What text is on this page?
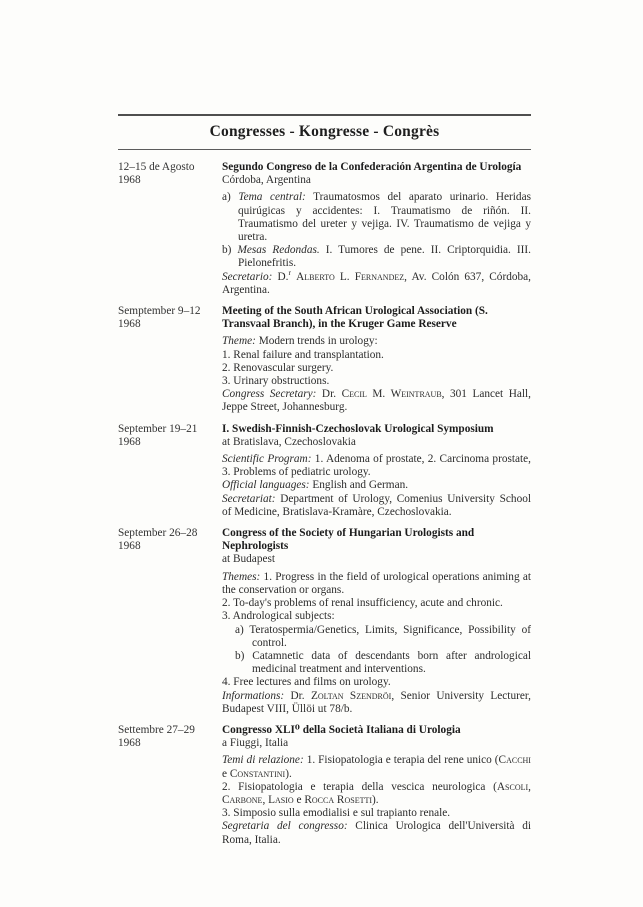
Congresses - Kongresse - Congrès
12–15 de Agosto
1968
Segundo Congreso de la Confederación Argentina de Urología
Córdoba, Argentina

a) Tema central: Traumatosmos del aparato urinario. Heridas quirúgicas y accidentes: I. Traumatismo de riñón. II. Traumatismo del ureter y vejiga. IV. Traumatismo de vejiga y uretra.

b) Mesas Redondas. I. Tumores de pene. II. Criptorquidia. III. Pielonefritis.

Secretario: D.$^r$ Alberto L. Fernandez, Av. Colón 637, Córdoba, Argentina.

Semptember 9–12
1968
Meeting of the South African Urological Association (S. Transvaal Branch), in the Kruger Game Reserve

Theme: Modern trends in urology:

1. Renal failure and transplantation.

2. Renovascular surgery.

3. Urinary obstructions.

Congress Secretary: Dr. Cecil M. Weintraub, 301 Lancet Hall, Jeppe Street, Johannesburg.

September 19–21
1968
I. Swedish-Finnish-Czechoslovak Urological Symposium
at Bratislava, Czechoslovakia

Scientific Program: 1. Adenoma of prostate, 2. Carcinoma prostate, 3. Problems of pediatric urology.

Official languages: English and German.

Secretariat: Department of Urology, Comenius University School of Medicine, Bratislava-Kramàre, Czechoslovakia.

September 26–28
1968
Congress of the Society of Hungarian Urologists and Nephrologists
at Budapest

Themes: 1. Progress in the field of urological operations animing at the conservation or organs.

2. To-day's problems of renal insufficiency, acute and chronic.

3. Andrological subjects:

a) Teratospermia/Genetics, Limits, Significance, Possibility of control.

b) Catamnetic data of descendants born after andrological medicinal treatment and interventions.

4. Free lectures and films on urology.

Informations: Dr. Zoltan Szendröi, Senior University Lecturer, Budapest VIII, Üllöi ut 78/b.

Settembre 27–29
1968
Congresso XLI⁰ della Società Italiana di Urologia
a Fiuggi, Italia

Temi di relazione: 1. Fisiopatologia e terapia del rene unico (Cacchi e Constantini).

2. Fisiopatologia e terapia della vescica neurologica (Ascoli, Carbone, Lasio e Rocca Rosetti).

3. Simposio sulla emodialisi e sul trapianto renale.

Segretaria del congresso: Clinica Urologica dell'Università di Roma, Italia.
